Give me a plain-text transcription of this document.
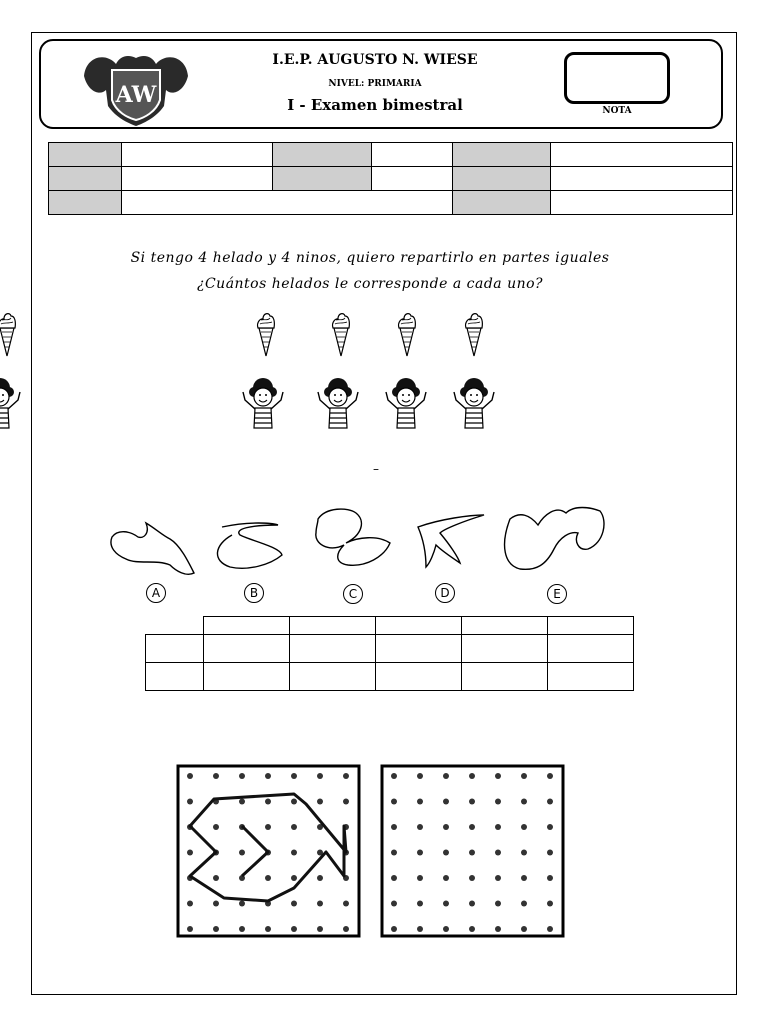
AW
I.E.P. AUGUSTO N. WIESE
NIVEL: PRIMARIA
I - Examen bimestral	NOTA

Si tengo 4 helado y 4 ninos, quiero repartirlo en partes iguales
¿Cuántos helados le corresponde a cada uno?
–
A	B	C	D	E
